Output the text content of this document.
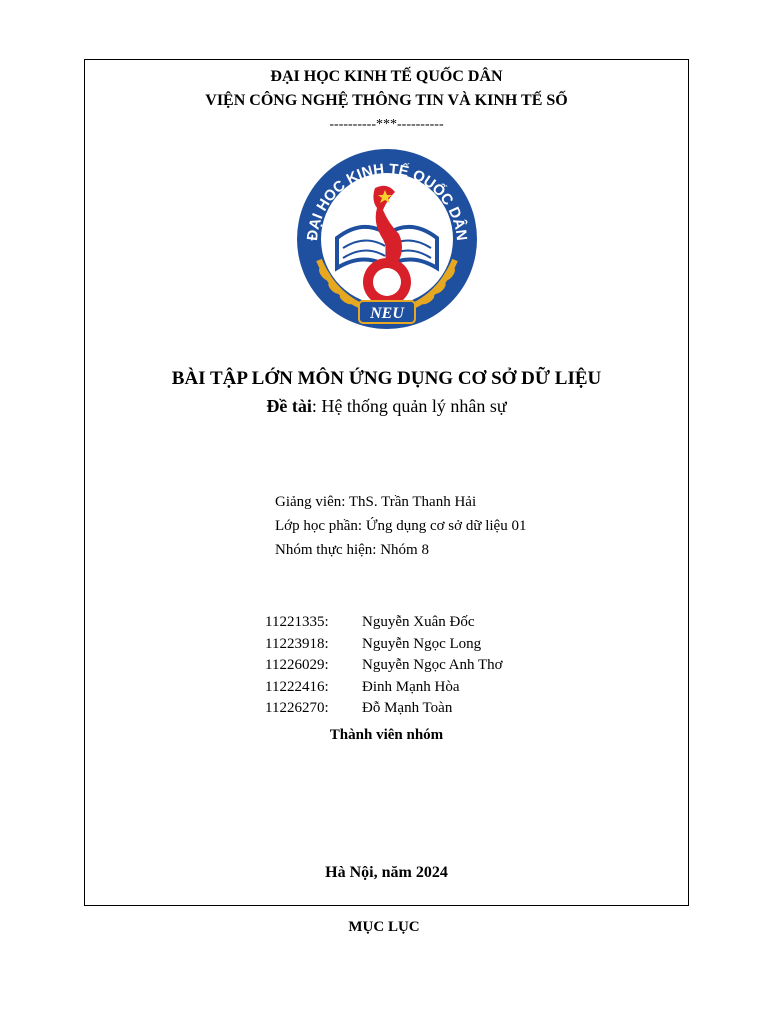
ĐẠI HỌC KINH TẾ QUỐC DÂN
VIỆN CÔNG NGHỆ THÔNG TIN VÀ KINH TẾ SỐ
----------***----------
ĐẠI HỌC KINH TẾ QUỐC DÂN
NEU
BÀI TẬP LỚN MÔN ỨNG DỤNG CƠ SỞ DỮ LIỆU
Đề tài: Hệ thống quản lý nhân sự
Giảng viên: ThS. Trần Thanh Hải
Lớp học phần: Ứng dụng cơ sở dữ liệu 01
Nhóm thực hiện: Nhóm 8
11221335: Nguyễn Xuân Đốc
11223918: Nguyễn Ngọc Long
11226029: Nguyễn Ngọc Anh Thơ
11222416: Đinh Mạnh Hòa
11226270: Đỗ Mạnh Toàn
Thành viên nhóm
Hà Nội, năm 2024
MỤC LỤC
